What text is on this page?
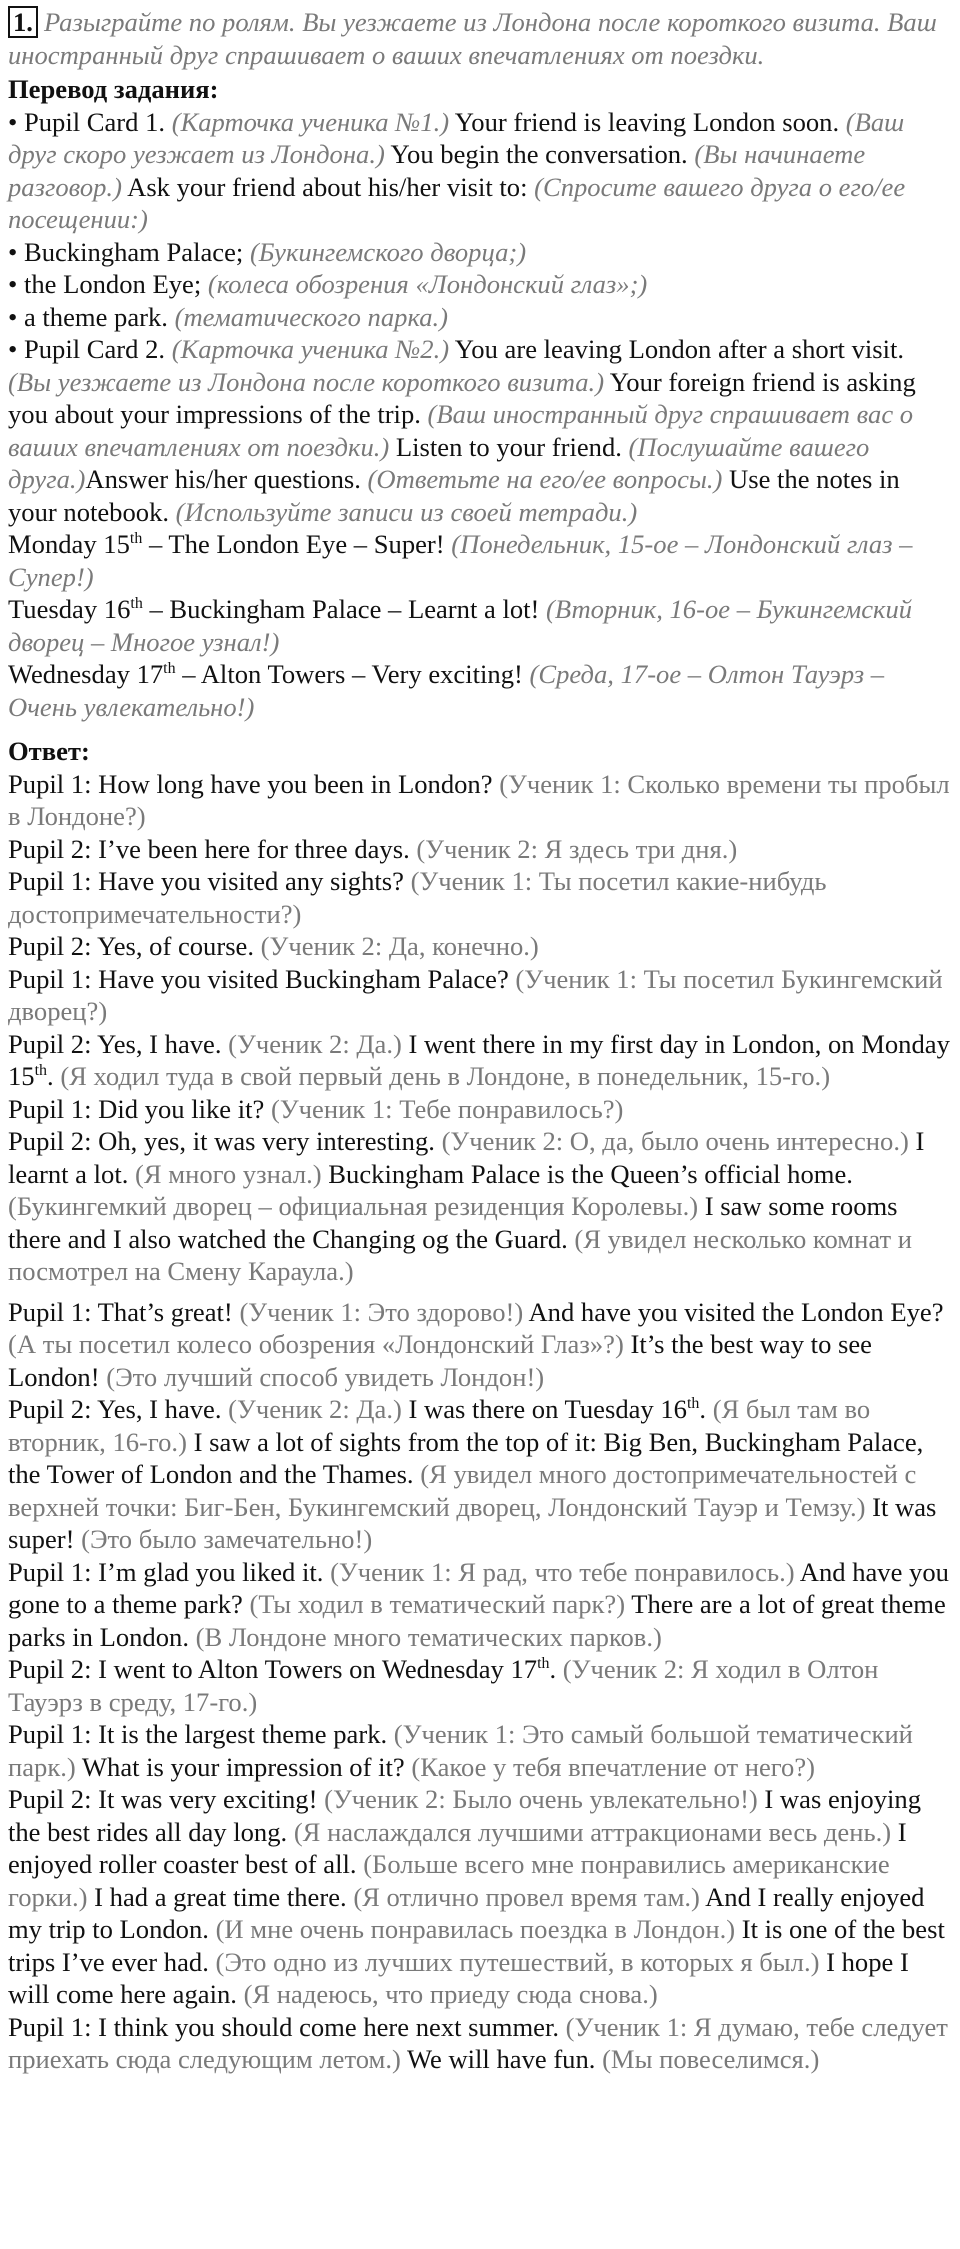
1. Разыграйте по ролям. Вы уезжаете из Лондона после короткого визита. Ваш иностранный друг спрашивает о ваших впечатлениях от поездки.

Перевод задания:

• Pupil Card 1. (Карточка ученика №1.) Your friend is leaving London soon. (Ваш друг скоро уезжает из Лондона.) You begin the conversation. (Вы начинаете разговор.) Ask your friend about his/her visit to: (Спросите вашего друга о его/ее посещении:)

• Buckingham Palace; (Букингемского дворца;)

• the London Eye; (колеса обозрения «Лондонский глаз»;)

• a theme park. (тематического парка.)

• Pupil Card 2. (Карточка ученика №2.) You are leaving London after a short visit. (Вы уезжаете из Лондона после короткого визита.) Your foreign friend is asking you about your impressions of the trip. (Ваш иностранный друг спрашивает вас о ваших впечатлениях от поездки.) Listen to your friend. (Послушайте вашего друга.)Answer his/her questions. (Ответьте на его/ее вопросы.) Use the notes in your notebook. (Используйте записи из своей тетради.)

Monday 15th – The London Eye – Super! (Понедельник, 15-ое – Лондонский глаз – Супер!)

Tuesday 16th – Buckingham Palace – Learnt a lot! (Вторник, 16-ое – Букингемский дворец – Многое узнал!)

Wednesday 17th – Alton Towers – Very exciting! (Среда, 17-ое – Олтон Тауэрз – Очень увлекательно!)

Ответ:

Pupil 1: How long have you been in London? (Ученик 1: Сколько времени ты пробыл в Лондоне?)

Pupil 2: I’ve been here for three days. (Ученик 2: Я здесь три дня.)

Pupil 1: Have you visited any sights? (Ученик 1: Ты посетил какие-нибудь достопримечательности?)

Pupil 2: Yes, of course. (Ученик 2: Да, конечно.)

Pupil 1: Have you visited Buckingham Palace? (Ученик 1: Ты посетил Букингемский дворец?)

Pupil 2: Yes, I have. (Ученик 2: Да.) I went there in my first day in London, on Monday 15th. (Я ходил туда в свой первый день в Лондоне, в понедельник, 15-го.)

Pupil 1: Did you like it? (Ученик 1: Тебе понравилось?)

Pupil 2: Oh, yes, it was very interesting. (Ученик 2: О, да, было очень интересно.) I learnt a lot. (Я много узнал.) Buckingham Palace is the Queen’s official home. (Букингемкий дворец – официальная резиденция Королевы.) I saw some rooms there and I also watched the Changing og the Guard. (Я увидел несколько комнат и посмотрел на Смену Караула.)

Pupil 1: That’s great! (Ученик 1: Это здорово!) And have you visited the London Eye? (А ты посетил колесо обозрения «Лондонский Глаз»?) It’s the best way to see London! (Это лучший способ увидеть Лондон!)

Pupil 2: Yes, I have. (Ученик 2: Да.) I was there on Tuesday 16th. (Я был там во вторник, 16-го.) I saw a lot of sights from the top of it: Big Ben, Buckingham Palace, the Tower of London and the Thames. (Я увидел много достопримечательностей с верхней точки: Биг-Бен, Букингемский дворец, Лондонский Тауэр и Темзу.) It was super! (Это было замечательно!)

Pupil 1: I’m glad you liked it. (Ученик 1: Я рад, что тебе понравилось.) And have you gone to a theme park? (Ты ходил в тематический парк?) There are a lot of great theme parks in London. (В Лондоне много тематических парков.)

Pupil 2: I went to Alton Towers on Wednesday 17th. (Ученик 2: Я ходил в Олтон Тауэрз в среду, 17-го.)

Pupil 1: It is the largest theme park. (Ученик 1: Это самый большой тематический парк.) What is your impression of it? (Какое у тебя впечатление от него?)

Pupil 2: It was very exciting! (Ученик 2: Было очень увлекательно!) I was enjoying the best rides all day long. (Я наслаждался лучшими аттракционами весь день.) I enjoyed roller coaster best of all. (Больше всего мне понравились американские горки.) I had a great time there. (Я отлично провел время там.) And I really enjoyed my trip to London. (И мне очень понравилась поездка в Лондон.) It is one of the best trips I’ve ever had. (Это одно из лучших путешествий, в которых я был.) I hope I will come here again. (Я надеюсь, что приеду сюда снова.)

Pupil 1: I think you should come here next summer. (Ученик 1: Я думаю, тебе следует приехать сюда следующим летом.) We will have fun. (Мы повеселимся.)
